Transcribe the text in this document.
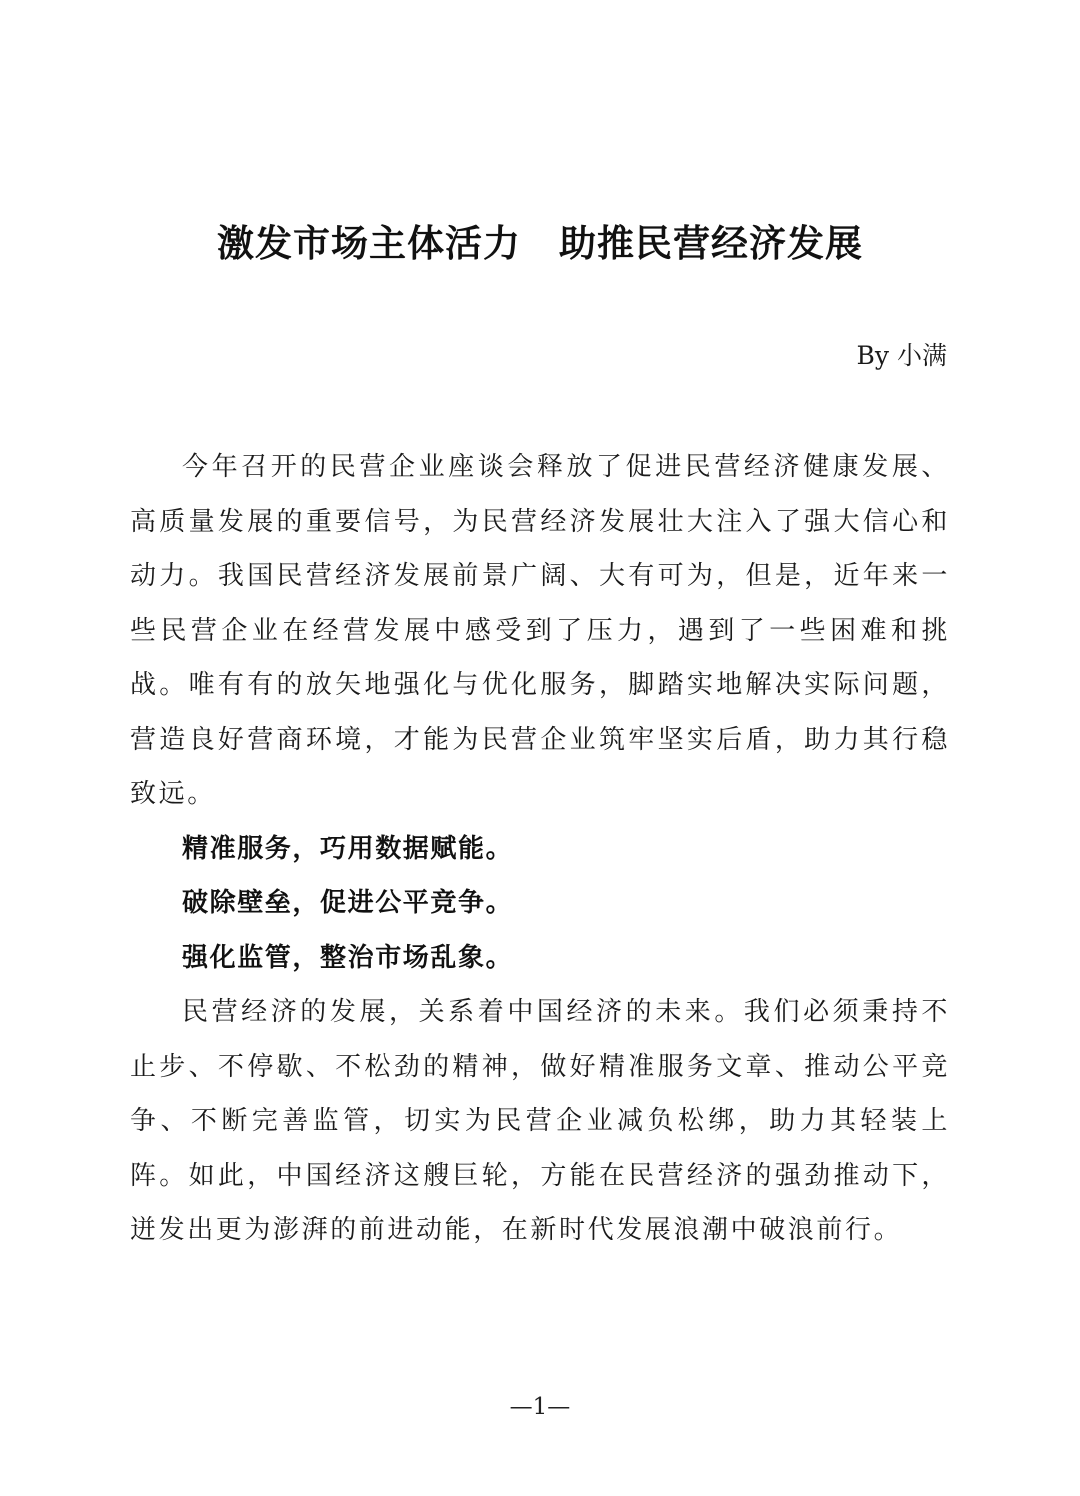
激发市场主体活力　助推民营经济发展
By 小满

今年召开的民营企业座谈会释放了促进民营经济健康发展、高质量发展的重要信号，为民营经济发展壮大注入了强大信心和动力。我国民营经济发展前景广阔、大有可为，但是，近年来一些民营企业在经营发展中感受到了压力，遇到了一些困难和挑战。唯有有的放矢地强化与优化服务，脚踏实地解决实际问题，营造良好营商环境，才能为民营企业筑牢坚实后盾，助力其行稳致远。

精准服务，巧用数据赋能。

破除壁垒，促进公平竞争。

强化监管，整治市场乱象。

民营经济的发展，关系着中国经济的未来。我们必须秉持不止步、不停歇、不松劲的精神，做好精准服务文章、推动公平竞争、不断完善监管，切实为民营企业减负松绑，助力其轻装上阵。如此，中国经济这艘巨轮，方能在民营经济的强劲推动下，迸发出更为澎湃的前进动能，在新时代发展浪潮中破浪前行。

—1—
